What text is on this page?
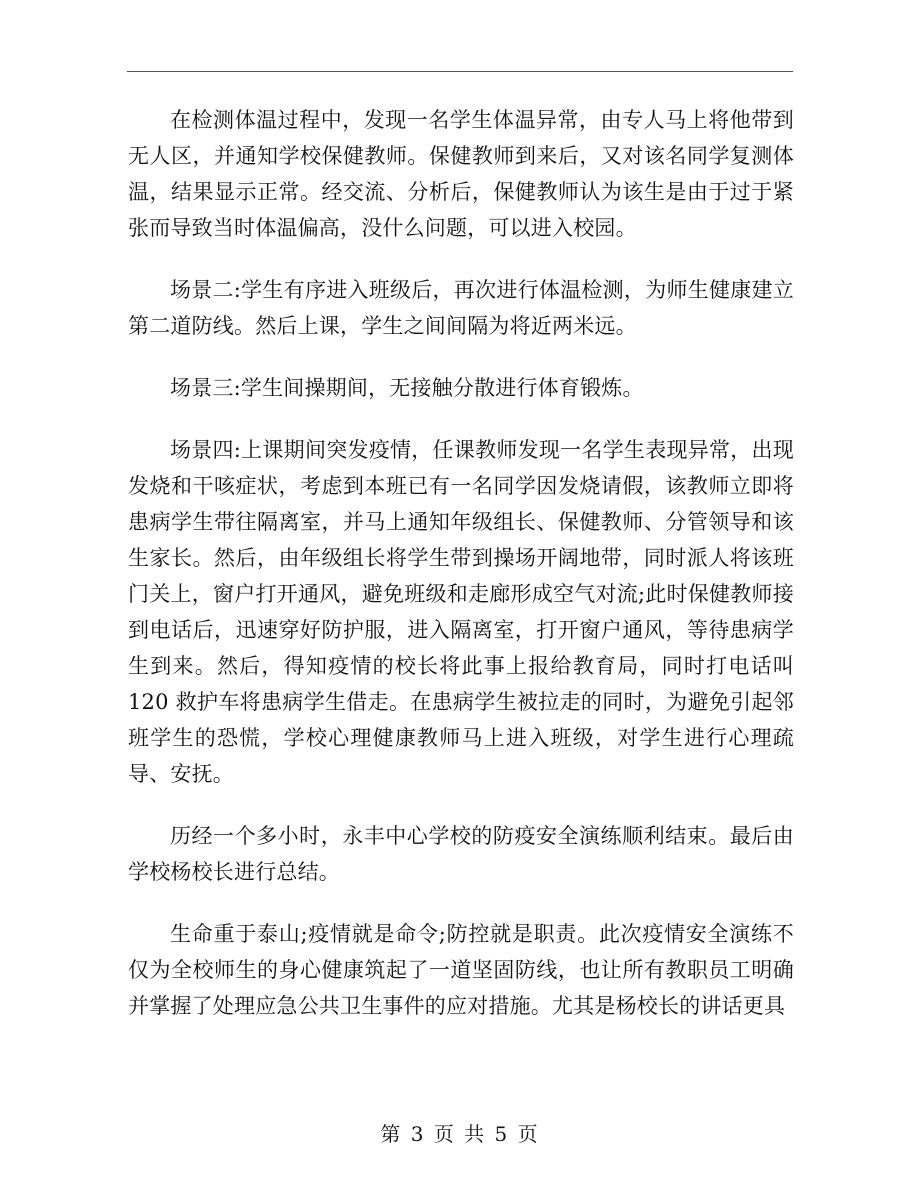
在检测体温过程中，发现一名学生体温异常，由专人马上将他带到无人区，并通知学校保健教师。保健教师到来后，又对该名同学复测体温，结果显示正常。经交流、分析后，保健教师认为该生是由于过于紧张而导致当时体温偏高，没什么问题，可以进入校园。

场景二:学生有序进入班级后，再次进行体温检测，为师生健康建立第二道防线。然后上课，学生之间间隔为将近两米远。

场景三:学生间操期间，无接触分散进行体育锻炼。

场景四:上课期间突发疫情，任课教师发现一名学生表现异常，出现发烧和干咳症状，考虑到本班已有一名同学因发烧请假，该教师立即将患病学生带往隔离室，并马上通知年级组长、保健教师、分管领导和该生家长。然后，由年级组长将学生带到操场开阔地带，同时派人将该班门关上，窗户打开通风，避免班级和走廊形成空气对流;此时保健教师接到电话后，迅速穿好防护服，进入隔离室，打开窗户通风，等待患病学生到来。然后，得知疫情的校长将此事上报给教育局，同时打电话叫 120 救护车将患病学生借走。在患病学生被拉走的同时，为避免引起邻班学生的恐慌，学校心理健康教师马上进入班级，对学生进行心理疏导、安抚。

历经一个多小时，永丰中心学校的防疫安全演练顺利结束。最后由学校杨校长进行总结。

生命重于泰山;疫情就是命令;防控就是职责。此次疫情安全演练不仅为全校师生的身心健康筑起了一道坚固防线，也让所有教职员工明确并掌握了处理应急公共卫生事件的应对措施。尤其是杨校长的讲话更具

第 3 页 共 5 页
